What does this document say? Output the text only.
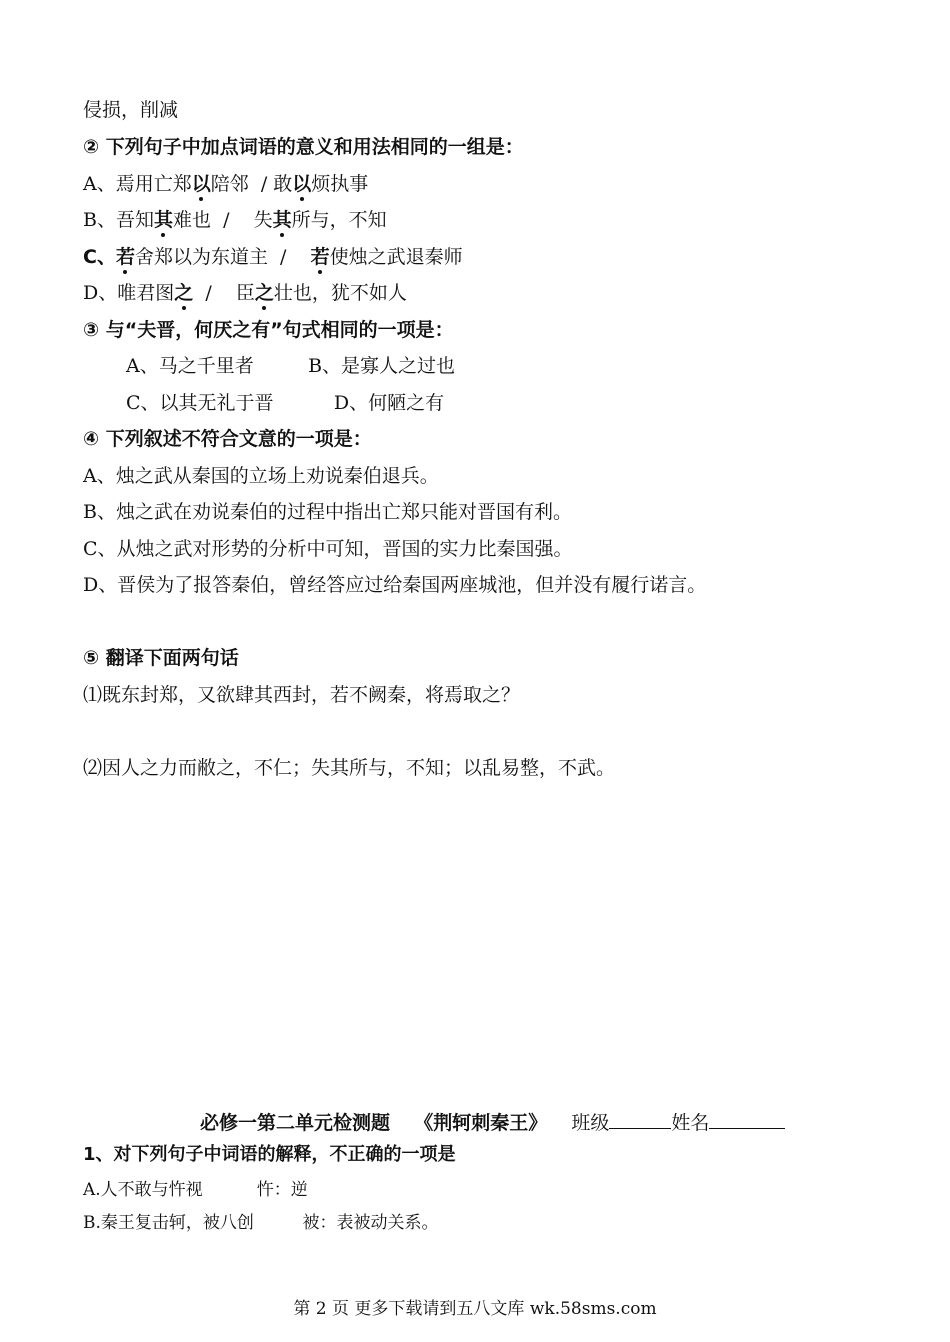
侵损，削减
② 下列句子中加点词语的意义和用法相同的一组是：
A、焉用亡郑以陪邻  / 敢以烦执事
B、吾知其难也  /    失其所与，不知
C、若舍郑以为东道主  /    若使烛之武退秦师
D、唯君图之  /    臣之壮也，犹不如人
③ 与“夫晋，何厌之有”句式相同的一项是：
A、马之千里者         B、是寡人之过也
C、以其无礼于晋          D、何陋之有
④ 下列叙述不符合文意的一项是：
A、烛之武从秦国的立场上劝说秦伯退兵。
B、烛之武在劝说秦伯的过程中指出亡郑只能对晋国有利。
C、从烛之武对形势的分析中可知，晋国的实力比秦国强。
D、晋侯为了报答秦伯，曾经答应过给秦国两座城池，但并没有履行诺言。
⑤ 翻译下面两句话
⑴既东封郑，又欲肆其西封，若不阙秦，将焉取之？
⑵因人之力而敝之，不仁；失其所与，不知；以乱易整，不武。
必修一第二单元检测题 《荆轲刺秦王》 班级	姓名
1、对下列句子中词语的解释，不正确的一项是
A.人不敢与忤视	忤：逆
B.秦王复击轲，被八创	被：表被动关系。
第 2 页 更多下载请到五八文库 wk.58sms.com
